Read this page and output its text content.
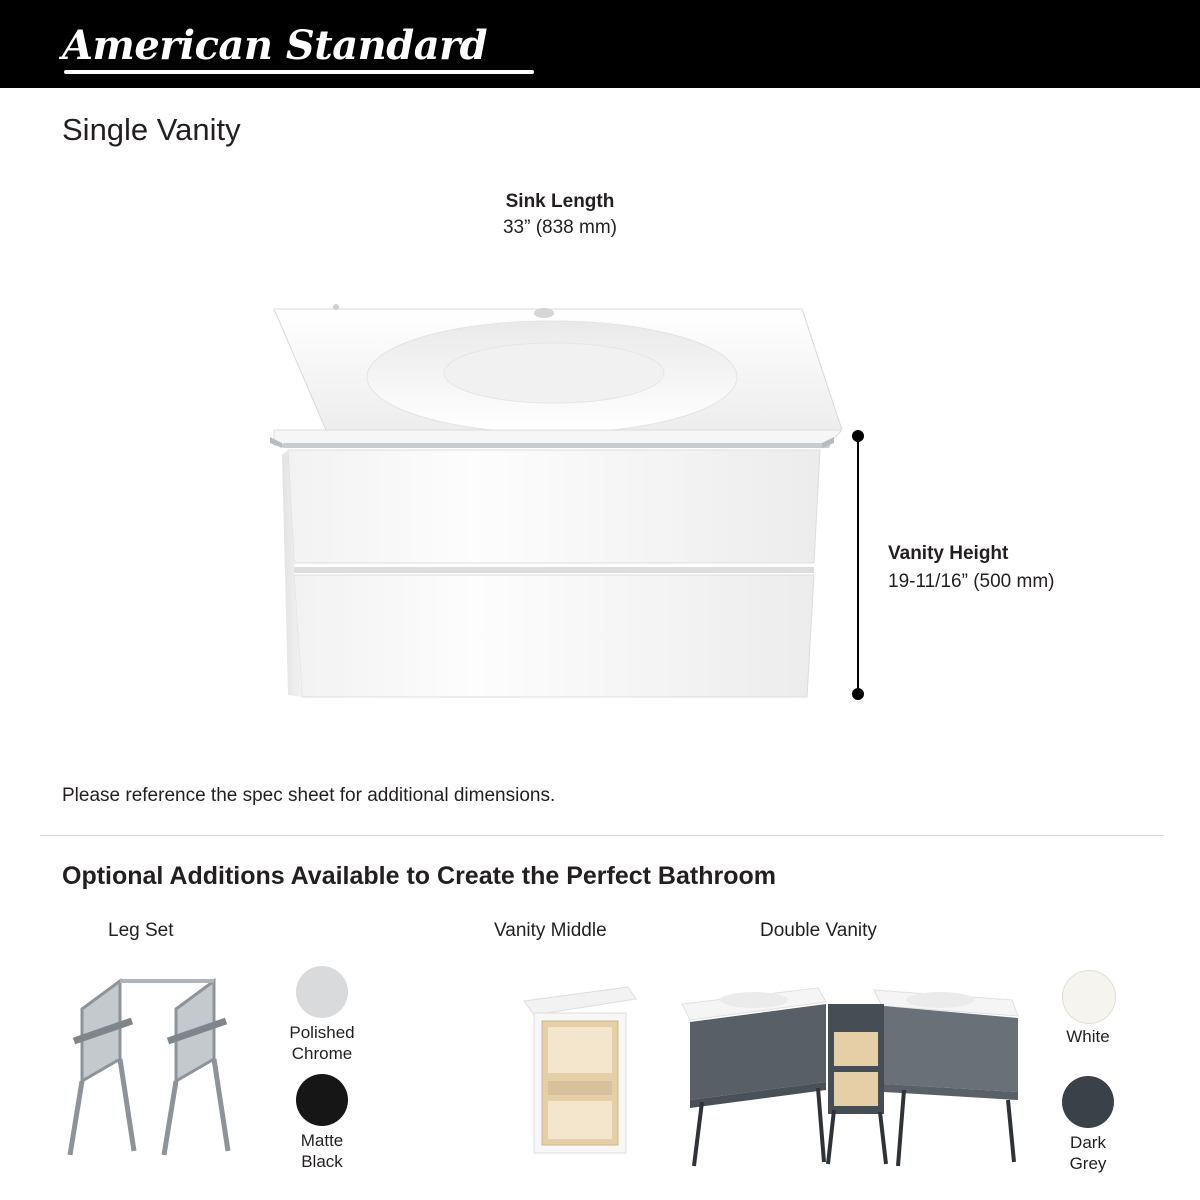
American Standard
Single Vanity
Sink Length
33” (838 mm)
Vanity Height
19-11/16” (500 mm)
Please reference the spec sheet for additional dimensions.
Optional Additions Available to Create the Perfect Bathroom
Leg Set	Vanity Middle	Double Vanity
Polished
Chrome
Matte
Black
White
Dark
Grey
